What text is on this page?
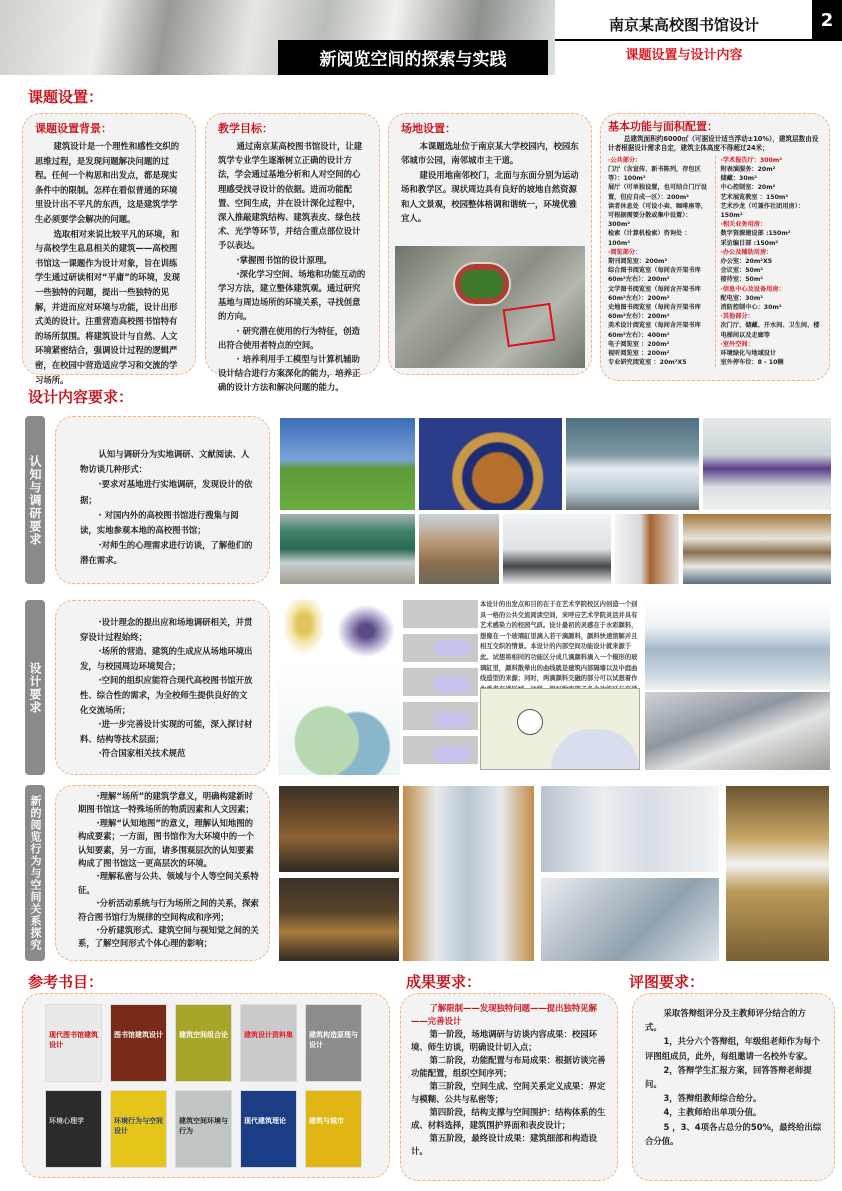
新阅览空间的探索与实践
南京某高校图书馆设计	2
课题设置与设计内容
课题设置：
课题设置背景：

建筑设计是一个理性和感性交织的思维过程，是发现问题解决问题的过程。任何一个构思和出发点，都是现实条件中的限制。怎样在看似普通的环境里设计出不平凡的东西，这是建筑学学生必须要学会解决的问题。

选取相对来说比较平凡的环境，和与高校学生息息相关的建筑——高校图书馆这一课题作为设计对象，旨在训练学生通过研读相对“平庸”的环境，发现一些独特的问题，提出一些独特的见解，并进而应对环境与功能，设计出形式美的设计。注重营造高校图书馆特有的场所氛围。将建筑设计与自然、人文环境紧密结合，强调设计过程的逻辑严密，在校园中营造适应学习和交流的学习场所。

教学目标：

通过南京某高校图书馆设计，让建筑学专业学生逐渐树立正确的设计方法，学会通过基地分析和人对空间的心理感受找寻设计的依据。进而功能配置、空间生成，并在设计深化过程中，深入推敲建筑结构、建筑表皮、绿色技术、光学等环节，并结合重点部位设计予以表达。

·掌握图书馆的设计原理。

·深化学习空间、场地和功能互动的学习方法，建立整体建筑观。通过研究基地与周边场所的环境关系，寻找创意的方向。

· 研究潜在使用的行为特征，创造出符合使用者特点的空间。

· 培养利用手工模型与计算机辅助设计结合进行方案深化的能力，培养正确的设计方法和解决问题的能力。

场地设置：

本课题选址位于南京某大学校园内，校园东邻城市公园，南邻城市主干道。

建设用地南邻校门，北面与东面分别为运动场和教学区。现状周边具有良好的坡地自然资源和人文景观，校园整体格调和谐统一，环境优雅宜人。

基本功能与面积配置：
总建筑面积约6000㎡（可据设计适当浮动±10%），建筑层数由设计者根据设计需求自定，建筑主体高度不得超过24米；
·公共部分：
门厅（含宣传、新书陈列，存包区等）：100m²
展厅（可单独设置，也可结合门厅设置，但应自成一区）：200m²
读者休息处（可设小卖、咖啡座等，可根据需要分散或集中设置）：300m²
检索（计算机检索）咨询处 ：100m²
·阅览部分：
期刊阅览室：200m²
综合图书阅览室（每间含开架书库60m²左右）：200m²
文学图书阅览室（每间含开架书库60m²左右）：200m²
史地图书阅览室（每间含开架书库60m²左右）：200m²
美术设计阅览室（每间含开架书库60m²左右）：400m²
电子阅览室 ：200m²
视听阅览室 ：200m²
专业研究阅览室 ：20m²X5
·学术报告厅：300m²
附表演服务：20m²
储藏：30m²
中心控制室：20m²
艺术展览教室 ：150m²
艺术沙龙（可兼作社团用房）：150m²
·相关业务用房：
数字资源建设部 :150m²
采访编目部 :150m²
·办公及辅助用房：
办公室：20m²X5
会议室：50m²
接待室：50m²
·信息中心及设备用房：
配电室：30m²
消防控制中心：30m²
·其他部分：
次门厅、储藏、开水间、卫生间、楼电梯间以及走廊等
·室外空间：
环境绿化与地域设计
室外停车位：8 - 10辆
设计内容要求：
认知与调研要求

认知与调研分为实地调研、文献阅读、人物访谈几种形式：

·要求对基地进行实地调研，发现设计的依据；

· 对国内外的高校图书馆进行搜集与阅读，实地参观本地的高校图书馆；

·对师生的心理需求进行访谈，了解他们的潜在需求。

设计要求

·设计理念的提出应和场地调研相关，并贯穿设计过程始终；

·场所的营造、建筑的生成应从场地环境出发，与校园周边环境契合；

·空间的组织应能符合现代高校图书馆开放性、综合性的需求，为全校师生提供良好的文化交流场所；

·进一步完善设计实现的可能，深入探讨材料、结构等技术层面；

·符合国家相关技术规范

新的阅览行为与空间关系探究	·理解“场所”的建筑学意义，明确构建新时期图书馆这一特殊场所的物质因素和人文因素；

·理解“认知地图”的意义，理解认知地图的构成要素；一方面，图书馆作为大环境中的一个认知要素，另一方面，诸多围观层次的认知要素构成了图书馆这一更高层次的环境。

·理解私密与公共、领域与个人等空间关系特征。

·分析活动系统与行为场所之间的关系，探索符合图书馆行为规律的空间构成和序列；

·分析建筑形式、建筑空间与视知觉之间的关系，了解空间形式个体心理的影响；

本设计的出发点和目的在于在艺术学院校区内创造一个别具一格的公共交流阅读空间，来呼应艺术学院灵活并具有艺术感染力的校园气质。设计最初的灵感在于水彩颜料，想像在一个玻璃缸里滴入若干滴颜料，颜料快速溶解并且相互交织的情景。本设计的内部空间功能设计就来源于此。试想将相同的功能区分成几滴颜料滴入一个模形的玻璃缸里，颜料散晕出的曲线就是建筑内部隔墙以及中庭曲线造型的来源；同时，两滴颜料交融的部分可以试想着作
参考书目：
现代图书馆建筑设计
图书馆建筑设计 建筑空间组合论 建筑设计资料集 建筑构造原理与设计
环境心理学	环境行为与空间设计
建筑空间环境与行为
现代建筑理论	建筑与城市
成果要求：
了解限制——发现独特问题——提出独特见解——完善设计

第一阶段，场地调研与访谈内容成果：校园环境、师生访谈，明确设计切入点；

第二阶段，功能配置与布局成果：根据访谈完善功能配置，组织空间序列；

第三阶段，空间生成、空间关系定义成果：界定与模糊、公共与私密等；

第四阶段，结构支撑与空间围护：结构体系的生成、材料选择，建筑围护界面和表皮设计；

第五阶段，最终设计成果：建筑细部和构造设计。

评图要求：

采取答辩组评分及主教师评分结合的方式。

1，共分六个答辩组，年级组老师作为每个评图组成员，此外，每组邀请一名校外专家。

2，答辩学生汇报方案，回答答辩老师提问。

3，答辩组教师综合给分。

4，主教师给出单项分值。

5 ，3、4项各占总分的50%，最终给出综合分值。
